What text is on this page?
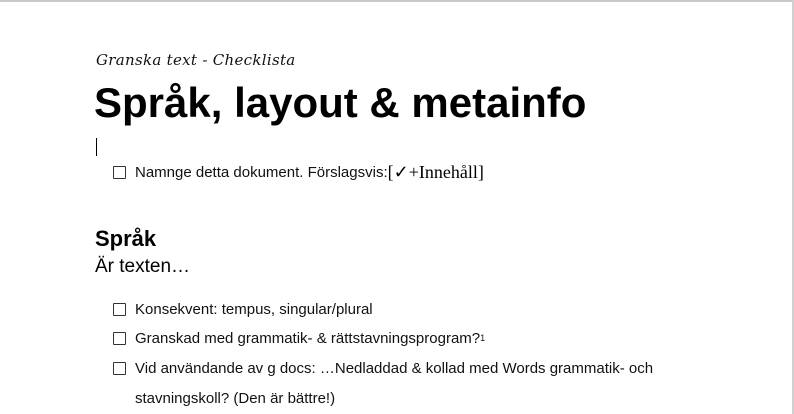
Granska text - Checklista
Språk, layout & metainfo
Namnge detta dokument. Förslagsvis: [✓+Innehåll]
Språk
Är texten…
Konsekvent: tempus, singular/plural
Granskad med grammatik- & rättstavningsprogram? 1
Vid användande av g docs: …Nedladdad & kollad med Words grammatik- och
stavningskoll? (Den är bättre!)
